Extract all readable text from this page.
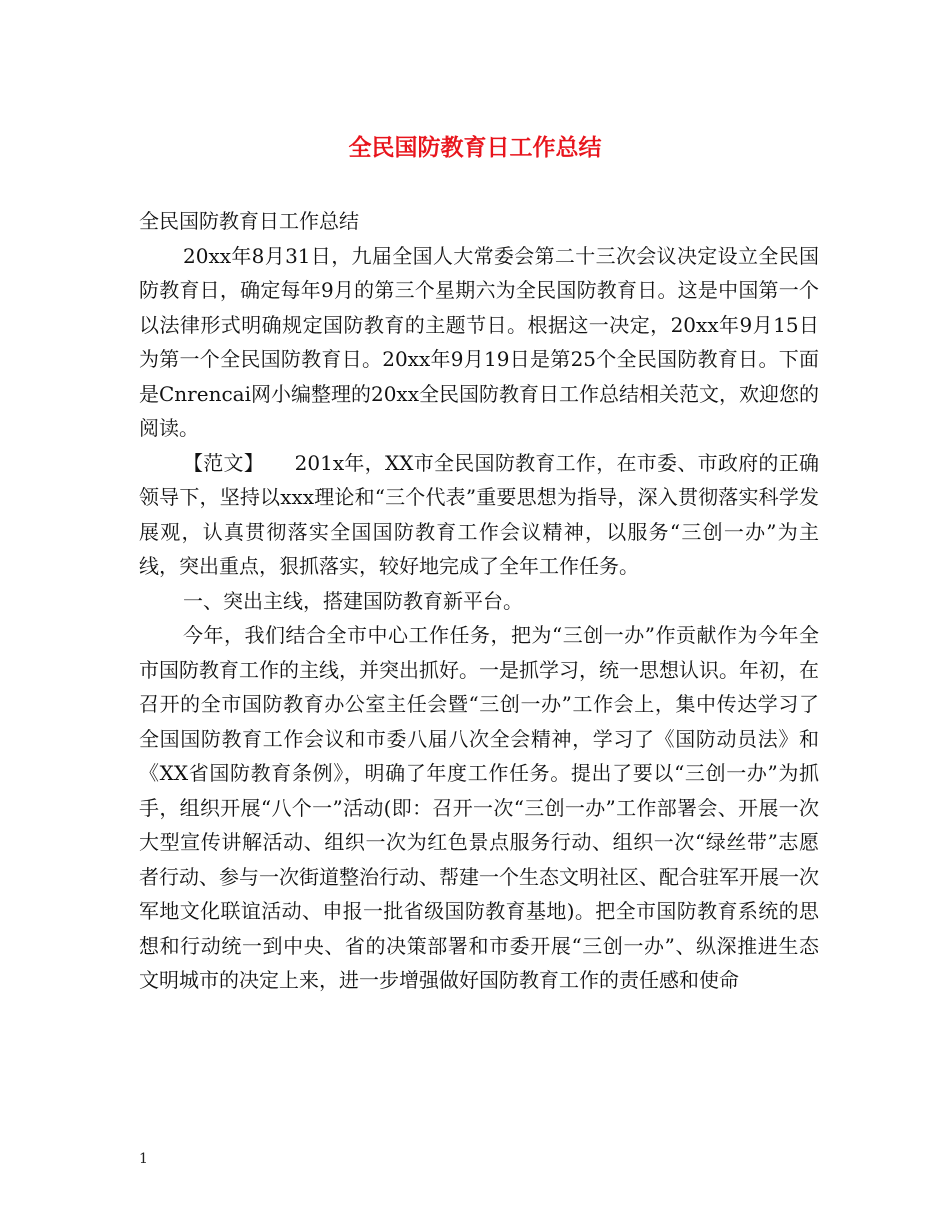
全民国防教育日工作总结

全民国防教育日工作总结

20xx年8月31日，九届全国人大常委会第二十三次会议决定设立全民国防教育日，确定每年9月的第三个星期六为全民国防教育日。这是中国第一个以法律形式明确规定国防教育的主题节日。根据这一决定，20xx年9月15日为第一个全民国防教育日。20xx年9月19日是第25个全民国防教育日。下面是Cnrencai网小编整理的20xx全民国防教育日工作总结相关范文，欢迎您的阅读。

【范文】　　201x年，XX市全民国防教育工作，在市委、市政府的正确领导下，坚持以xxx理论和“三个代表”重要思想为指导，深入贯彻落实科学发展观，认真贯彻落实全国国防教育工作会议精神，以服务“三创一办”为主线，突出重点，狠抓落实，较好地完成了全年工作任务。

一、突出主线，搭建国防教育新平台。

今年，我们结合全市中心工作任务，把为“三创一办”作贡献作为今年全市国防教育工作的主线，并突出抓好。一是抓学习，统一思想认识。年初，在召开的全市国防教育办公室主任会暨“三创一办”工作会上，集中传达学习了全国国防教育工作会议和市委八届八次全会精神，学习了《国防动员法》和《XX省国防教育条例》，明确了年度工作任务。提出了要以“三创一办”为抓手，组织开展“八个一”活动(即：召开一次“三创一办”工作部署会、开展一次大型宣传讲解活动、组织一次为红色景点服务行动、组织一次“绿丝带”志愿者行动、参与一次街道整治行动、帮建一个生态文明社区、配合驻军开展一次军地文化联谊活动、申报一批省级国防教育基地)。把全市国防教育系统的思想和行动统一到中央、省的决策部署和市委开展“三创一办”、纵深推进生态文明城市的决定上来，进一步增强做好国防教育工作的责任感和使命

1
